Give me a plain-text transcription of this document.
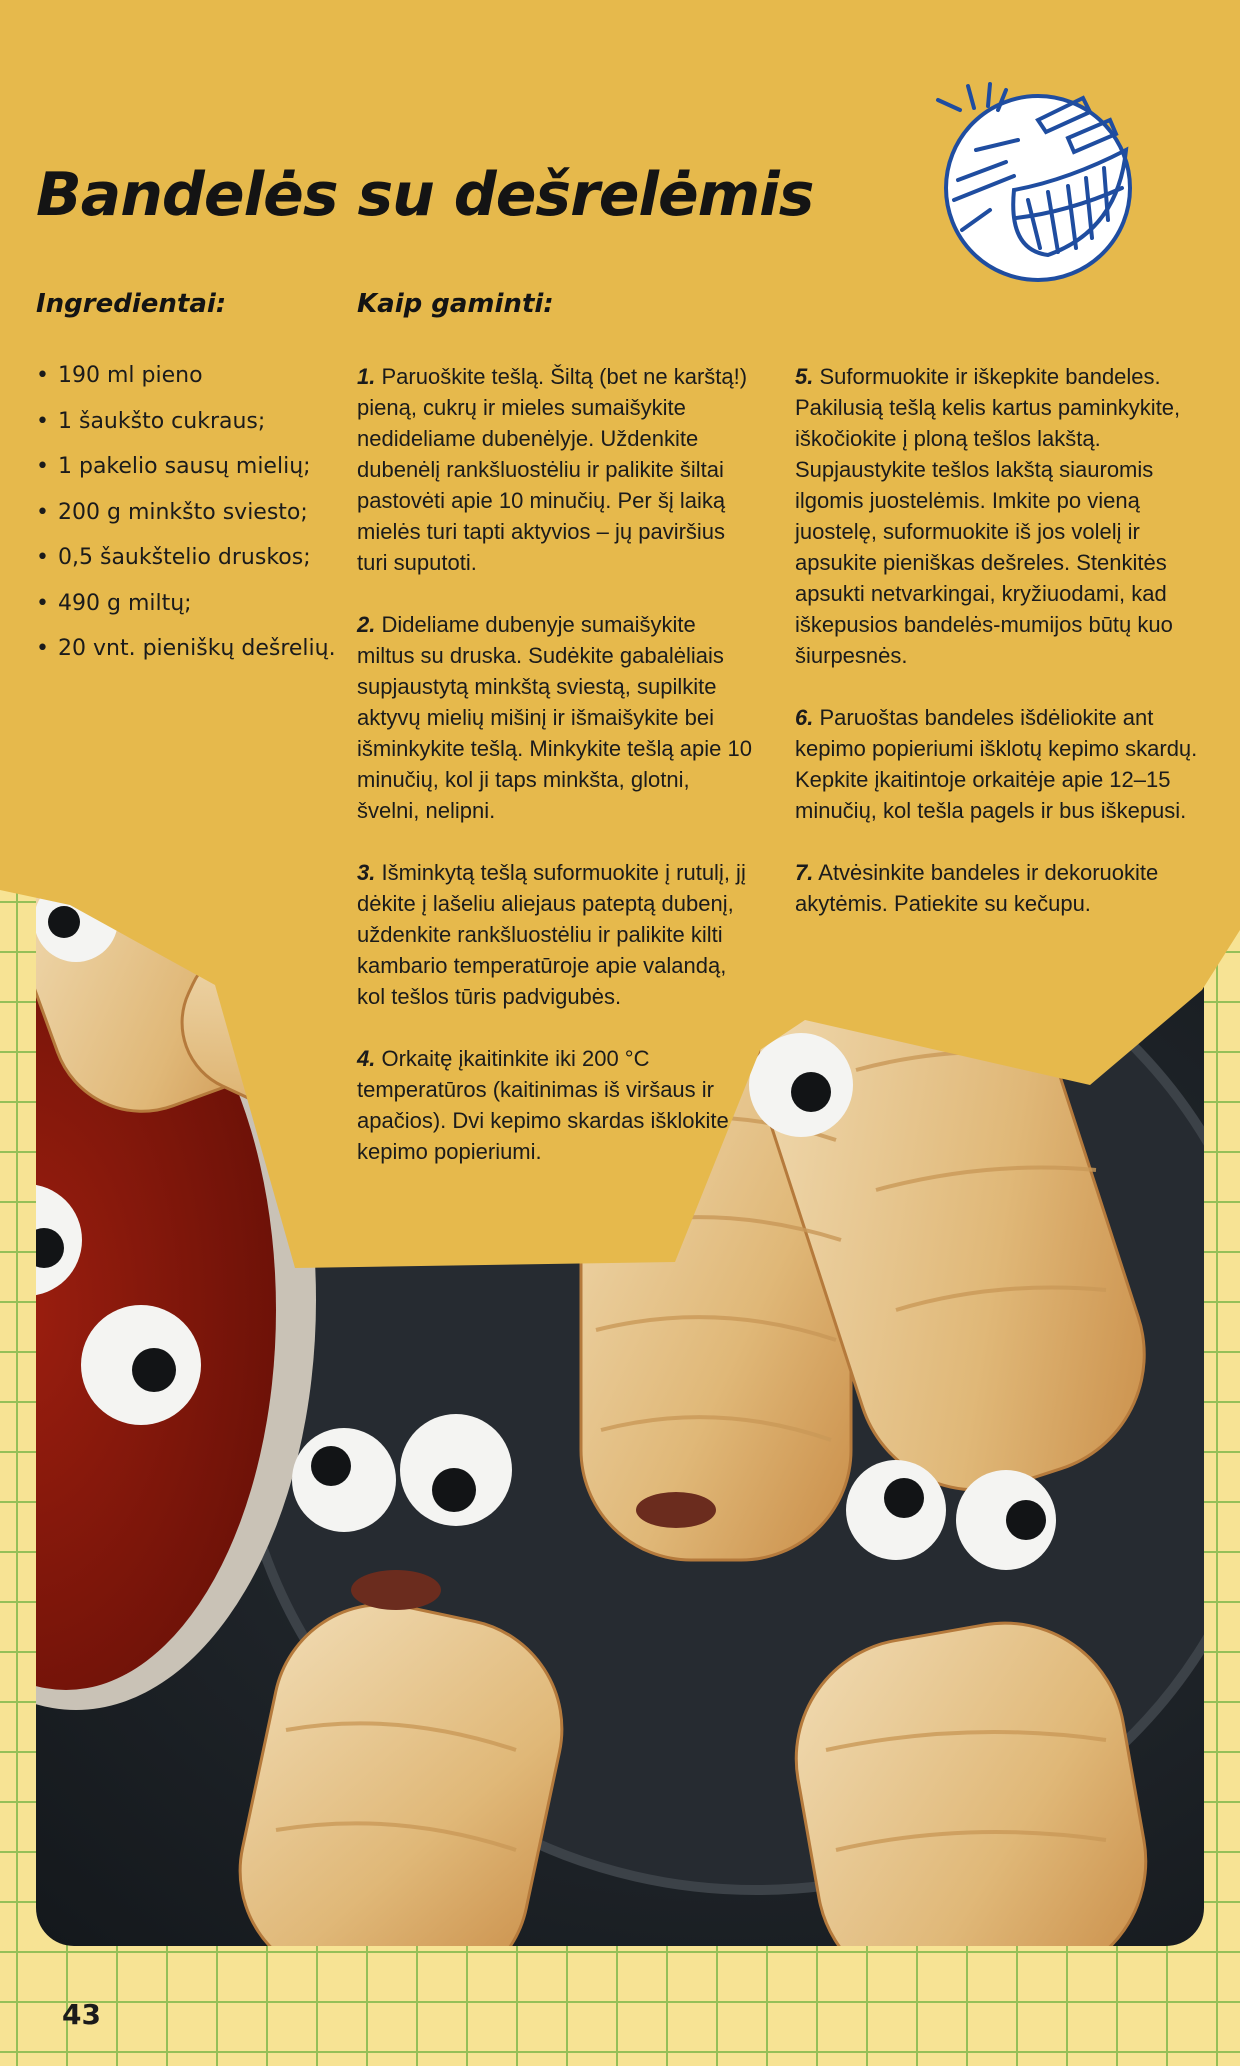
Bandelės su dešrelėmis
Ingredientai:	Kaip gaminti:
• 190 ml pieno
• 1 šaukšto cukraus;
• 1 pakelio sausų mielių;
• 200 g minkšto sviesto;
• 0,5 šaukštelio druskos;
• 490 g miltų;
• 20 vnt. pieniškų dešrelių.

1. Paruoškite tešlą. Šiltą (bet ne karštą!) pieną, cukrų ir mieles sumaišykite nedideliame dubenėlyje. Uždenkite dubenėlį rankšluostėliu ir palikite šiltai pastovėti apie 10 minučių. Per šį laiką mielės turi tapti aktyvios – jų paviršius turi suputoti.

2. Dideliame dubenyje sumaišykite miltus su druska. Sudėkite gabalėliais supjaustytą minkštą sviestą, supilkite aktyvų mielių mišinį ir išmaišykite bei išminkykite tešlą. Minkykite tešlą apie 10 minučių, kol ji taps minkšta, glotni, švelni, nelipni.

3. Išminkytą tešlą suformuokite į rutulį, jį dėkite į lašeliu aliejaus pateptą dubenį, uždenkite rankšluostėliu ir palikite kilti kambario temperatūroje apie valandą, kol tešlos tūris padvigubės.

4. Orkaitę įkaitinkite iki 200 °C temperatūros (kaitinimas iš viršaus ir apačios). Dvi kepimo skardas išklokite kepimo popieriumi.

5. Suformuokite ir iškepkite bandeles. Pakilusią tešlą kelis kartus paminkykite, iškočiokite į ploną tešlos lakštą. Supjaustykite tešlos lakštą siauromis ilgomis juostelėmis. Imkite po vieną juostelę, suformuokite iš jos volelį ir apsukite pieniškas dešreles. Stenkitės apsukti netvarkingai, kryžiuodami, kad iškepusios bandelės-mumijos būtų kuo šiurpesnės.

6. Paruoštas bandeles išdėliokite ant kepimo popieriumi išklotų kepimo skardų. Kepkite įkaitintoje orkaitėje apie 12–15 minučių, kol tešla pagels ir bus iškepusi.

7. Atvėsinkite bandeles ir dekoruokite akytėmis. Patiekite su kečupu.

43
